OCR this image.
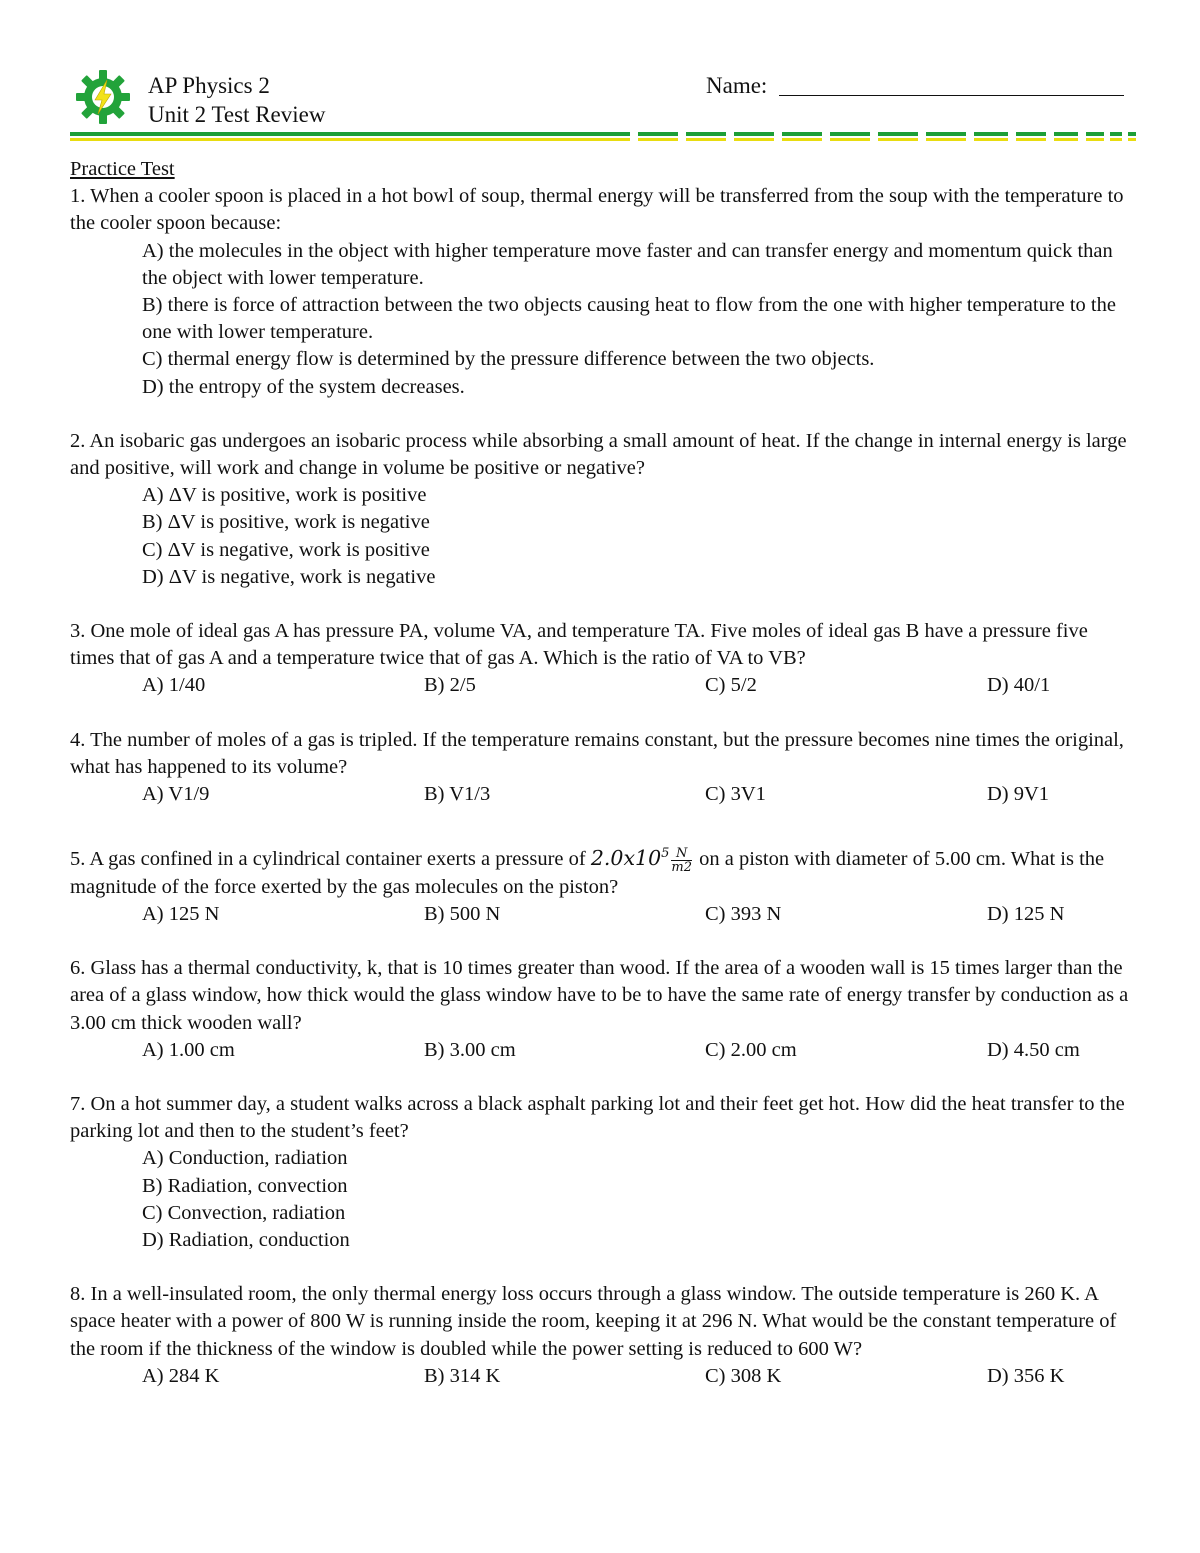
AP Physics 2
Unit 2 Test Review
Name:
Practice Test

1. When a cooler spoon is placed in a hot bowl of soup, thermal energy will be transferred from the soup with the temperature to the cooler spoon because:

A) the molecules in the object with higher temperature move faster and can transfer energy and momentum quick than the object with lower temperature.

B) there is force of attraction between the two objects causing heat to flow from the one with higher temperature to the one with lower temperature.

C) thermal energy flow is determined by the pressure difference between the two objects.

D) the entropy of the system decreases.

2. An isobaric gas undergoes an isobaric process while absorbing a small amount of heat. If the change in internal energy is large and positive, will work and change in volume be positive or negative?

A) ΔV is positive, work is positive

B) ΔV is positive, work is negative

C) ΔV is negative, work is positive

D) ΔV is negative, work is negative

3. One mole of ideal gas A has pressure PA, volume VA, and temperature TA. Five moles of ideal gas B have a pressure five times that of gas A and a temperature twice that of gas A. Which is the ratio of VA to VB?

A) 1/40	B) 2/5	C) 5/2	D) 40/1

4. The number of moles of a gas is tripled. If the temperature remains constant, but the pressure becomes nine times the original, what has happened to its volume?

A) V1/9	B) V1/3	C) 3V1	D) 9V1

5. A gas confined in a cylindrical container exerts a pressure of $2.0x10^5 \frac{N}{m2}$ on a piston with diameter of 5.00 cm. What is the magnitude of the force exerted by the gas molecules on the piston?

A) 125 N	B) 500 N	C) 393 N	D) 125 N

6. Glass has a thermal conductivity, k, that is 10 times greater than wood. If the area of a wooden wall is 15 times larger than the area of a glass window, how thick would the glass window have to be to have the same rate of energy transfer by conduction as a 3.00 cm thick wooden wall?

A) 1.00 cm	B) 3.00 cm	C) 2.00 cm	D) 4.50 cm

7. On a hot summer day, a student walks across a black asphalt parking lot and their feet get hot. How did the heat transfer to the parking lot and then to the student’s feet?

A) Conduction, radiation

B) Radiation, convection

C) Convection, radiation

D) Radiation, conduction

8. In a well-insulated room, the only thermal energy loss occurs through a glass window. The outside temperature is 260 K. A space heater with a power of 800 W is running inside the room, keeping it at 296 N. What would be the constant temperature of the room if the thickness of the window is doubled while the power setting is reduced to 600 W?

A) 284 K	B) 314 K	C) 308 K	D) 356 K
